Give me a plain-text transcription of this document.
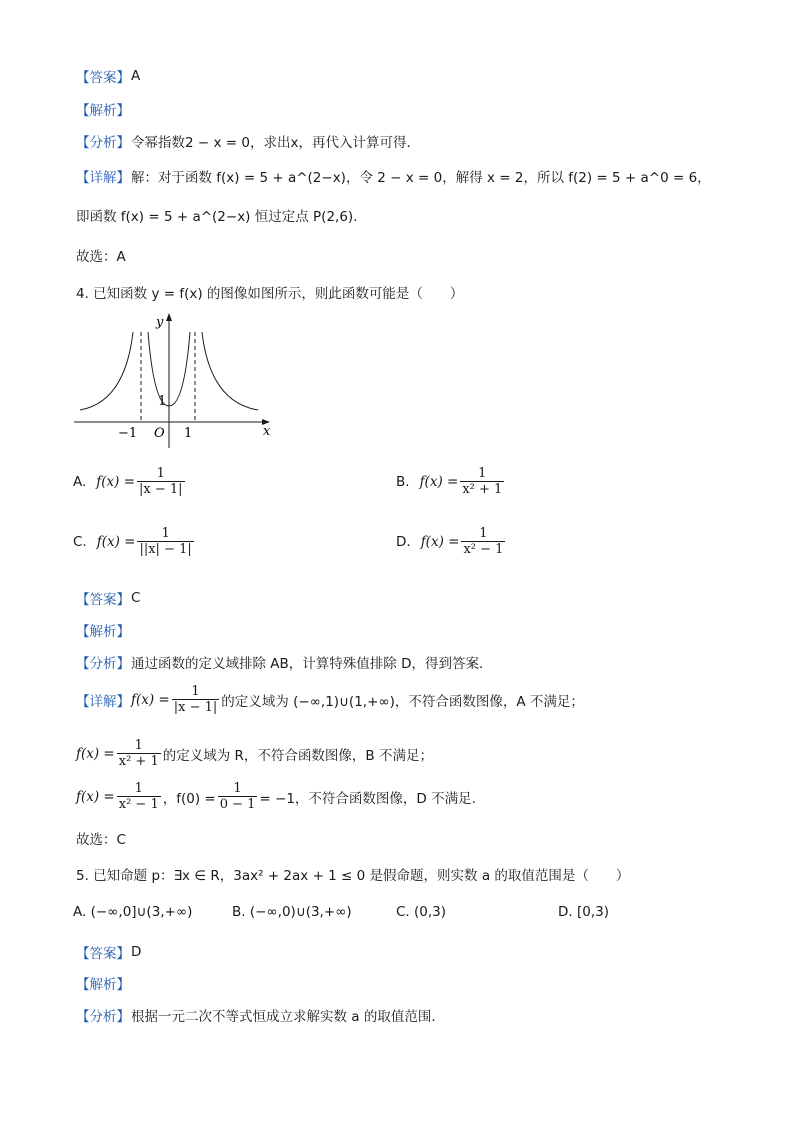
【答案】 A
【解析】
【分析】 令幂指数2 − x = 0，求出x，再代入计算可得.
【详解】 解：对于函数 f(x) = 5 + a^(2−x)，令 2 − x = 0，解得 x = 2，所以 f(2) = 5 + a^0 = 6，
即函数 f(x) = 5 + a^(2−x) 恒过定点 P(2,6).
故选：A
4. 已知函数 y = f(x) 的图像如图所示，则此函数可能是（　　）
y
x
O
−1	1
1
A. $f(x) = \frac{1}{|x - 1|}$	B. $f(x) = \frac{1}{\text{x² + 1}}$
C. $f(x) = \frac{1}{||x| - 1|}$	D. $f(x) = \frac{1}{\text{x² − 1}}$
【答案】 C
【解析】
【分析】 通过函数的定义域排除 AB，计算特殊值排除 D，得到答案.
【详解】 $f(x) = \frac{1}{|x - 1|}$ 的定义域为 (−∞,1)∪(1,+∞)，不符合函数图像，A 不满足；
$f(x) = \frac{1}{\text{x² + 1}}$ 的定义域为 R，不符合函数图像，B 不满足；
$f(x) = \frac{1}{\text{x² − 1}}$ ，$f(0) = \frac{1}{0 - 1} = -1$，不符合函数图像，D 不满足.
故选：C
5. 已知命题 p：∃x ∈ R，3ax² + 2ax + 1 ≤ 0 是假命题，则实数 a 的取值范围是（　　）
A. (−∞,0]∪(3,+∞)	B. (−∞,0)∪(3,+∞)	C. (0,3)	D. [0,3)
【答案】 D
【解析】
【分析】 根据一元二次不等式恒成立求解实数 a 的取值范围.
